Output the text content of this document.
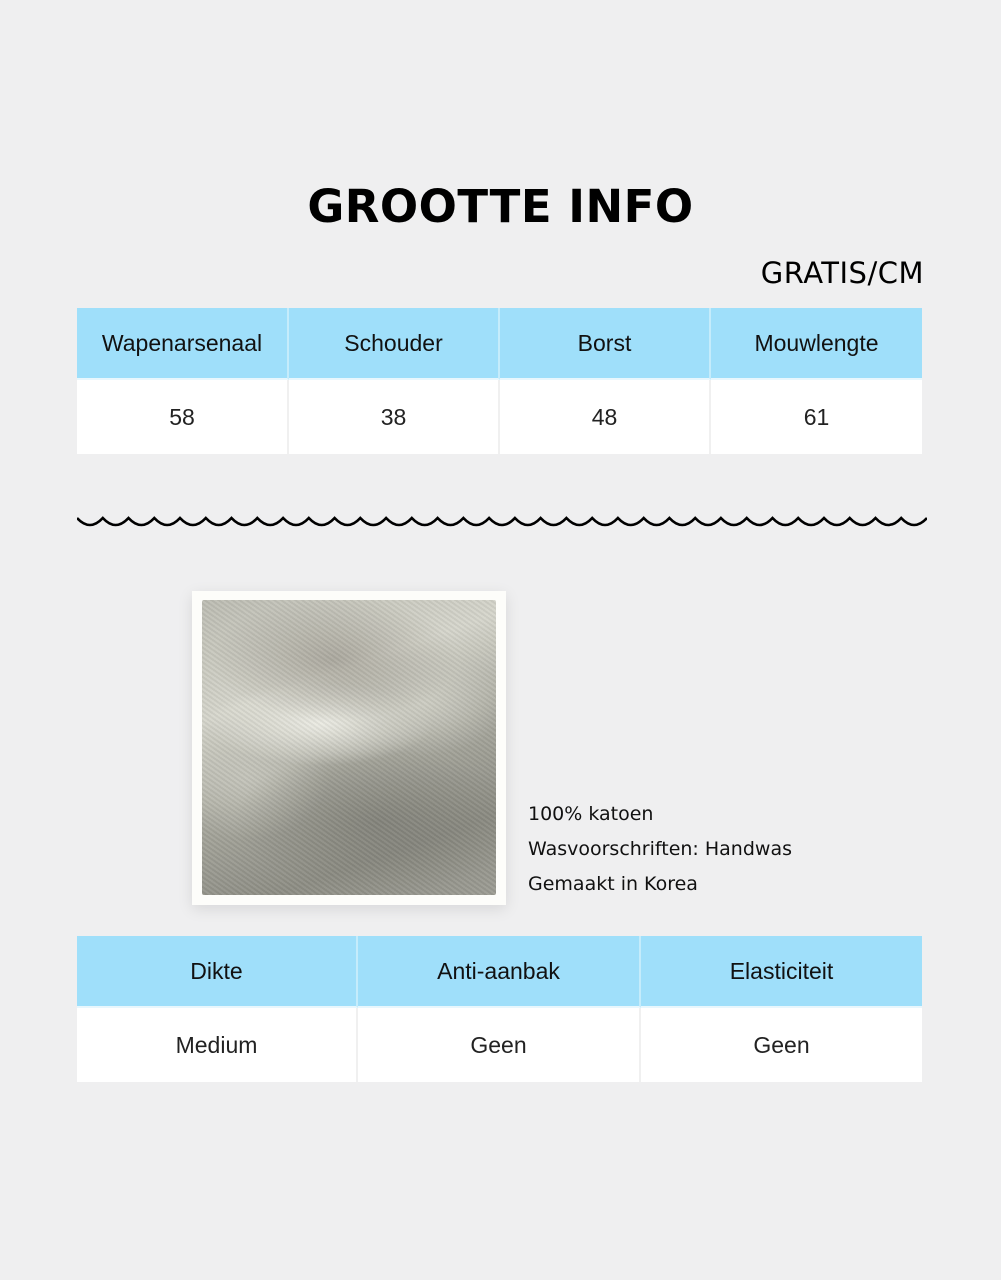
GROOTTE INFO
GRATIS/CM
Wapenarsenaal	Schouder	Borst	Mouwlengte
58	38	48	61
100% katoen
Wasvoorschriften: Handwas
Gemaakt in Korea
Dikte	Anti-aanbak	Elasticiteit
Medium	Geen	Geen
